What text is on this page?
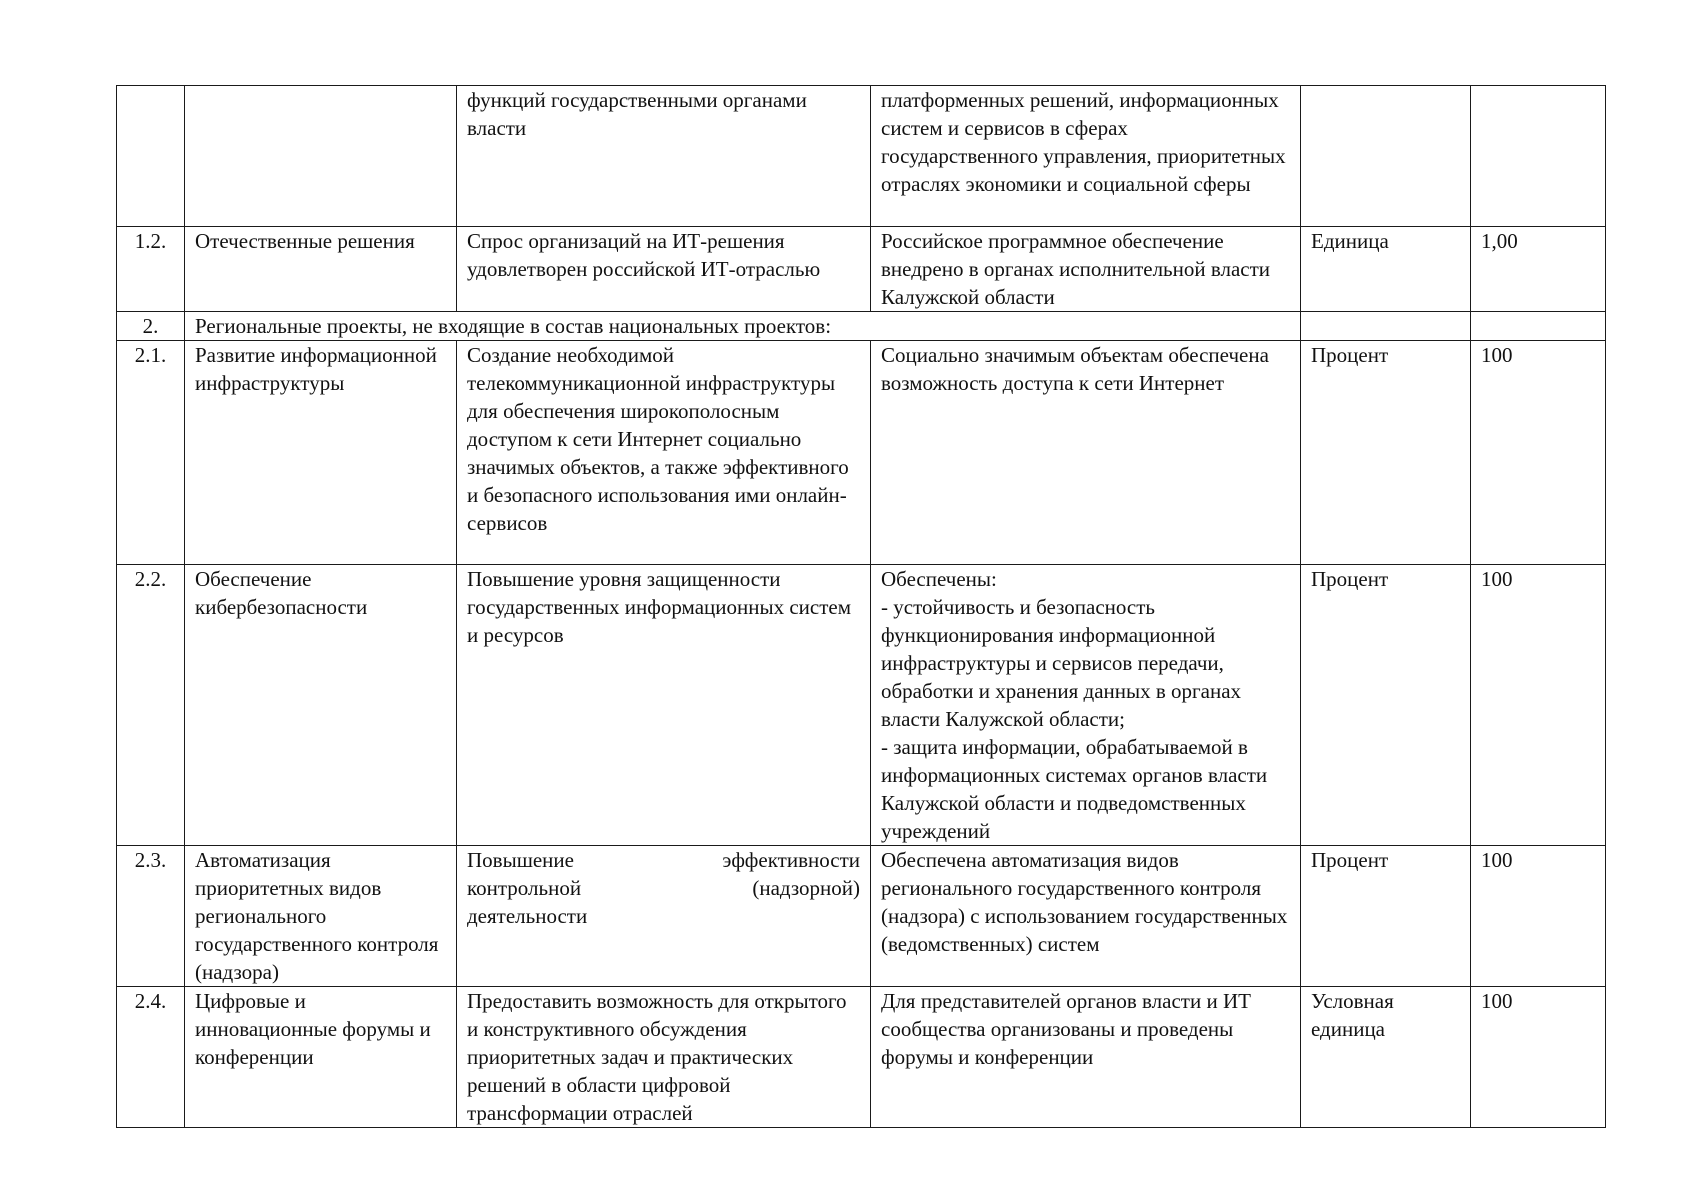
		функций государственными органами власти	платформенных решений, информационных систем и сервисов в сферах государственного управления, приоритетных отраслях экономики и социальной сферы		
1.2.	Отечественные решения	Спрос организаций на ИТ-решения удовлетворен российской ИТ-отраслью	Российское программное обеспечение внедрено в органах исполнительной власти Калужской области	Единица	1,00
2.	Региональные проекты, не входящие в состав национальных проектов:				
2.1.	Развитие информационной инфраструктуры	Создание необходимой телекоммуникационной инфраструктуры для обеспечения широкополосным доступом к сети Интернет социально значимых объектов, а также эффективного и безопасного использования ими онлайн-сервисов	Социально значимым объектам обеспечена возможность доступа к сети Интернет	Процент	100
2.2.	Обеспечение кибербезопасности	Повышение уровня защищенности государственных информационных систем и ресурсов	Обеспечены:
- устойчивость и безопасность функционирования информационной инфраструктуры и сервисов передачи, обработки и хранения данных в органах власти Калужской области;
- защита информации, обрабатываемой в информационных системах органов власти Калужской области и подведомственных учреждений	Процент	100
2.3.	Автоматизация приоритетных видов регионального государственного контроля (надзора)	Повышение эффективности
контрольной (надзорной)
деятельности	Обеспечена автоматизация видов регионального государственного контроля (надзора) с использованием государственных (ведомственных) систем	Процент	100
2.4.	Цифровые и инновационные форумы и конференции	Предоставить возможность для открытого и конструктивного обсуждения приоритетных задач и практических решений в области цифровой трансформации отраслей	Для представителей органов власти и ИТ сообщества организованы и проведены форумы и конференции	Условная единица	100
